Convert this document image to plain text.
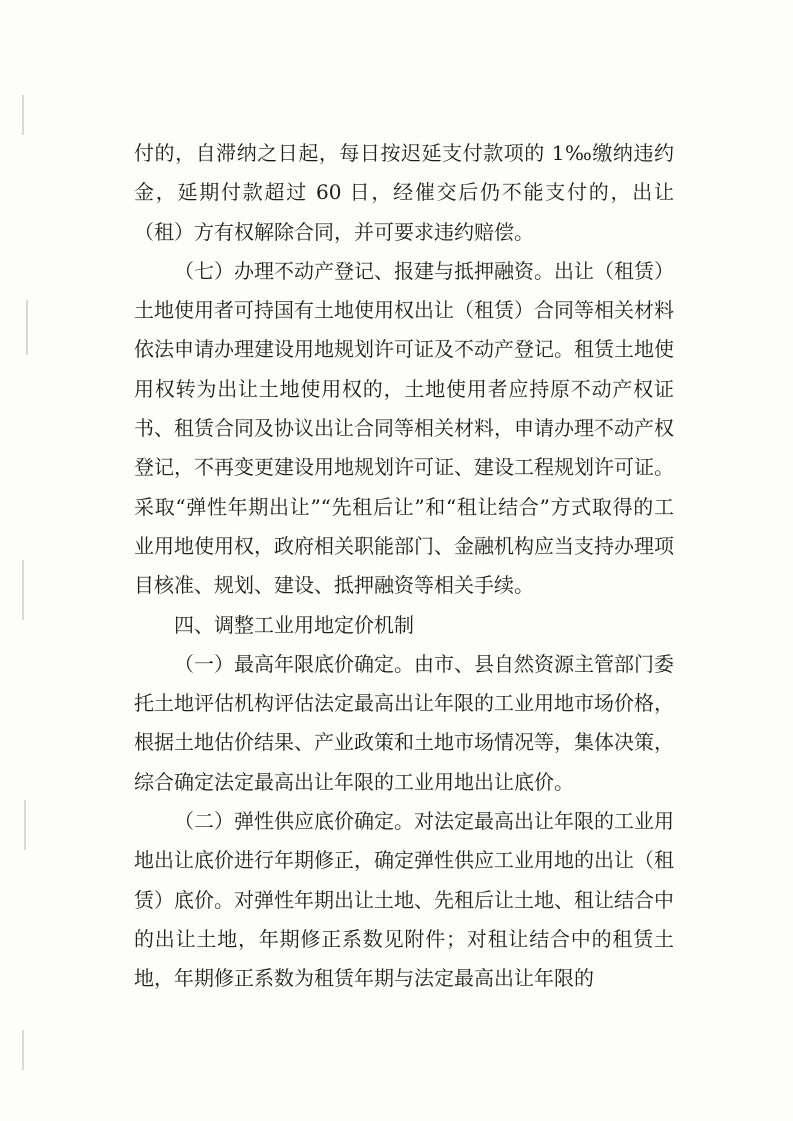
付的，自滞纳之日起，每日按迟延支付款项的 1‰缴纳违约金，延期付款超过 60 日，经催交后仍不能支付的，出让（租）方有权解除合同，并可要求违约赔偿。

（七）办理不动产登记、报建与抵押融资。出让（租赁）土地使用者可持国有土地使用权出让（租赁）合同等相关材料依法申请办理建设用地规划许可证及不动产登记。租赁土地使用权转为出让土地使用权的，土地使用者应持原不动产权证书、租赁合同及协议出让合同等相关材料，申请办理不动产权登记，不再变更建设用地规划许可证、建设工程规划许可证。采取“弹性年期出让”“先租后让”和“租让结合”方式取得的工业用地使用权，政府相关职能部门、金融机构应当支持办理项目核准、规划、建设、抵押融资等相关手续。

四、调整工业用地定价机制

（一）最高年限底价确定。由市、县自然资源主管部门委托土地评估机构评估法定最高出让年限的工业用地市场价格，根据土地估价结果、产业政策和土地市场情况等，集体决策，综合确定法定最高出让年限的工业用地出让底价。

（二）弹性供应底价确定。对法定最高出让年限的工业用地出让底价进行年期修正，确定弹性供应工业用地的出让（租赁）底价。对弹性年期出让土地、先租后让土地、租让结合中的出让土地，年期修正系数见附件；对租让结合中的租赁土地，年期修正系数为租赁年期与法定最高出让年限的
